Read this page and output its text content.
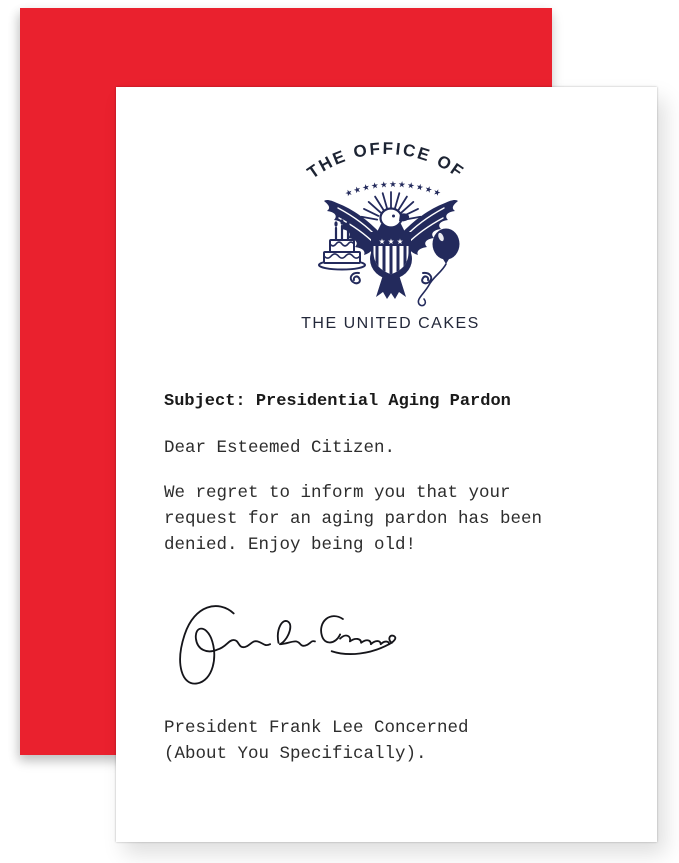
THE OFFICE OF
★★★★★★★★★★★
★ ★ ★
THE UNITED CAKES
Subject: Presidential Aging Pardon
Dear Esteemed Citizen.
We regret to inform you that your
request for an aging pardon has been
denied. Enjoy being old!
President Frank Lee Concerned
(About You Specifically).
